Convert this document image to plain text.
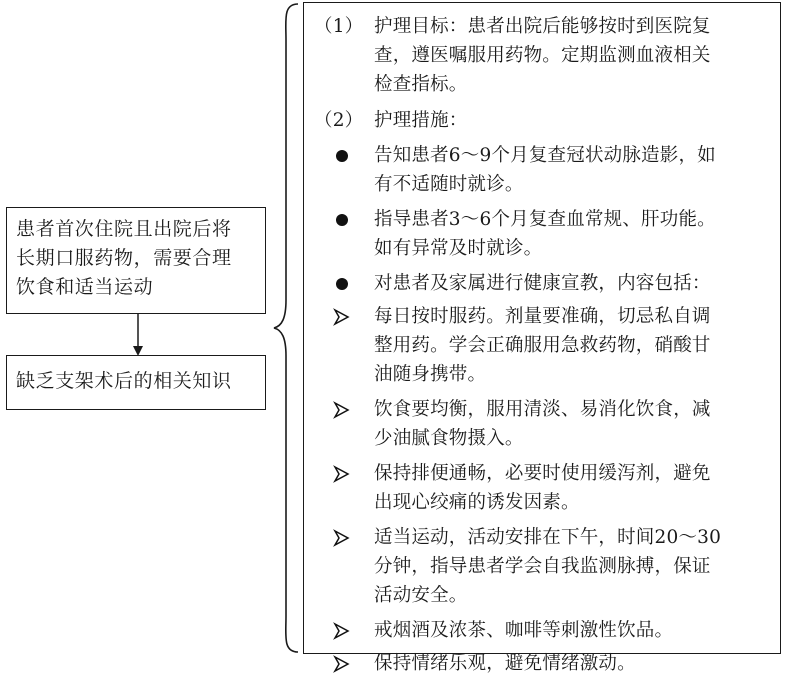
患者首次住院且出院后将
长期口服药物，需要合理
饮食和适当运动
缺乏支架术后的相关知识
（1） 护理目标：患者出院后能够按时到医院复
查，遵医嘱服用药物。定期监测血液相关
检查指标。
（2） 护理措施：
告知患者6～9个月复查冠状动脉造影，如
有不适随时就诊。
指导患者3～6个月复查血常规、肝功能。
如有异常及时就诊。
对患者及家属进行健康宣教，内容包括：
每日按时服药。剂量要准确，切忌私自调
整用药。学会正确服用急救药物，硝酸甘
油随身携带。
饮食要均衡，服用清淡、易消化饮食，减
少油腻食物摄入。
保持排便通畅，必要时使用缓泻剂，避免
出现心绞痛的诱发因素。
适当运动，活动安排在下午，时间20～30
分钟，指导患者学会自我监测脉搏，保证
活动安全。
戒烟酒及浓茶、咖啡等刺激性饮品。
保持情绪乐观，避免情绪激动。
